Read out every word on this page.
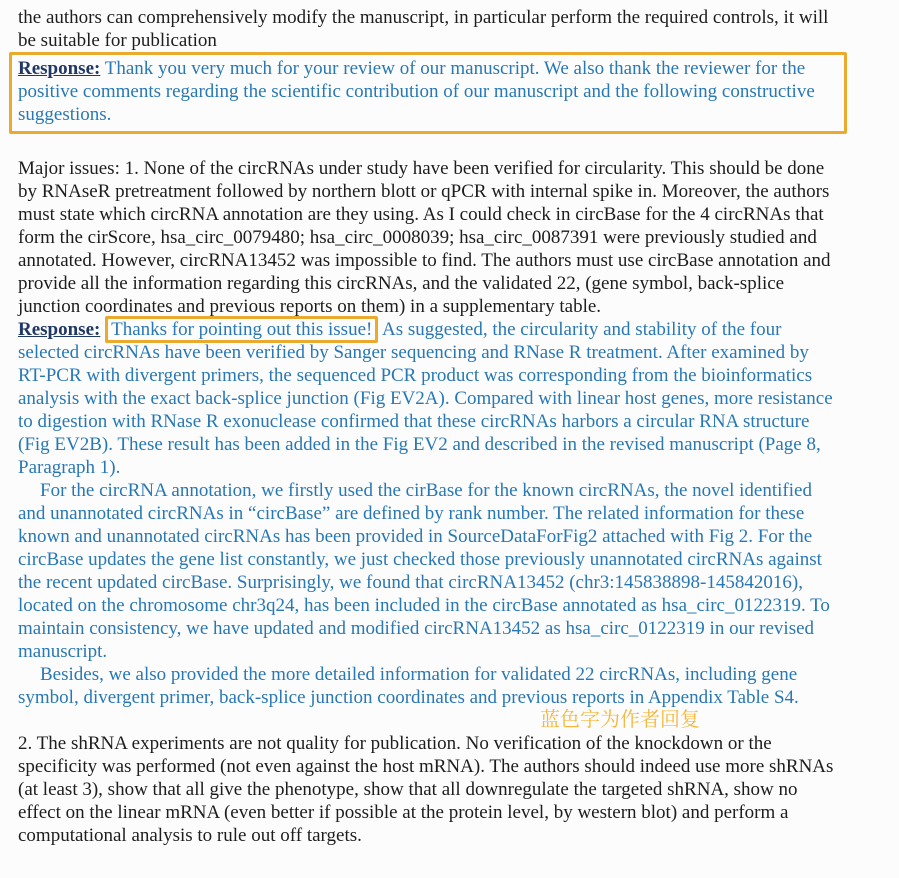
the authors can comprehensively modify the manuscript, in particular perform the required controls, it will be suitable for publication

Response: Thank you very much for your review of our manuscript. We also thank the reviewer for the positive comments regarding the scientific contribution of our manuscript and the following constructive suggestions.

Major issues: 1. None of the circRNAs under study have been verified for circularity. This should be done by RNAseR pretreatment followed by northern blott or qPCR with internal spike in. Moreover, the authors must state which circRNA annotation are they using. As I could check in circBase for the 4 circRNAs that form the cirScore, hsa_circ_0079480; hsa_circ_0008039; hsa_circ_0087391 were previously studied and annotated. However, circRNA13452 was impossible to find. The authors must use circBase annotation and provide all the information regarding this circRNAs, and the validated 22, (gene symbol, back-splice junction coordinates and previous reports on them) in a supplementary table.

Response: Thanks for pointing out this issue! As suggested, the circularity and stability of the four selected circRNAs have been verified by Sanger sequencing and RNase R treatment. After examined by RT-PCR with divergent primers, the sequenced PCR product was corresponding from the bioinformatics analysis with the exact back-splice junction (Fig EV2A). Compared with linear host genes, more resistance to digestion with RNase R exonuclease confirmed that these circRNAs harbors a circular RNA structure (Fig EV2B). These result has been added in the Fig EV2 and described in the revised manuscript (Page 8, Paragraph 1).

For the circRNA annotation, we firstly used the cirBase for the known circRNAs, the novel identified and unannotated circRNAs in “circBase” are defined by rank number. The related information for these known and unannotated circRNAs has been provided in SourceDataForFig2 attached with Fig 2. For the circBase updates the gene list constantly, we just checked those previously unannotated circRNAs against the recent updated circBase. Surprisingly, we found that circRNA13452 (chr3:145838898-145842016), located on the chromosome chr3q24, has been included in the circBase annotated as hsa_circ_0122319. To maintain consistency, we have updated and modified circRNA13452 as hsa_circ_0122319 in our revised manuscript.

Besides, we also provided the more detailed information for validated 22 circRNAs, including gene symbol, divergent primer, back-splice junction coordinates and previous reports in Appendix Table S4.

蓝色字为作者回复

2. The shRNA experiments are not quality for publication. No verification of the knockdown or the specificity was performed (not even against the host mRNA). The authors should indeed use more shRNAs (at least 3), show that all give the phenotype, show that all downregulate the targeted shRNA, show no effect on the linear mRNA (even better if possible at the protein level, by western blot) and perform a computational analysis to rule out off targets.
